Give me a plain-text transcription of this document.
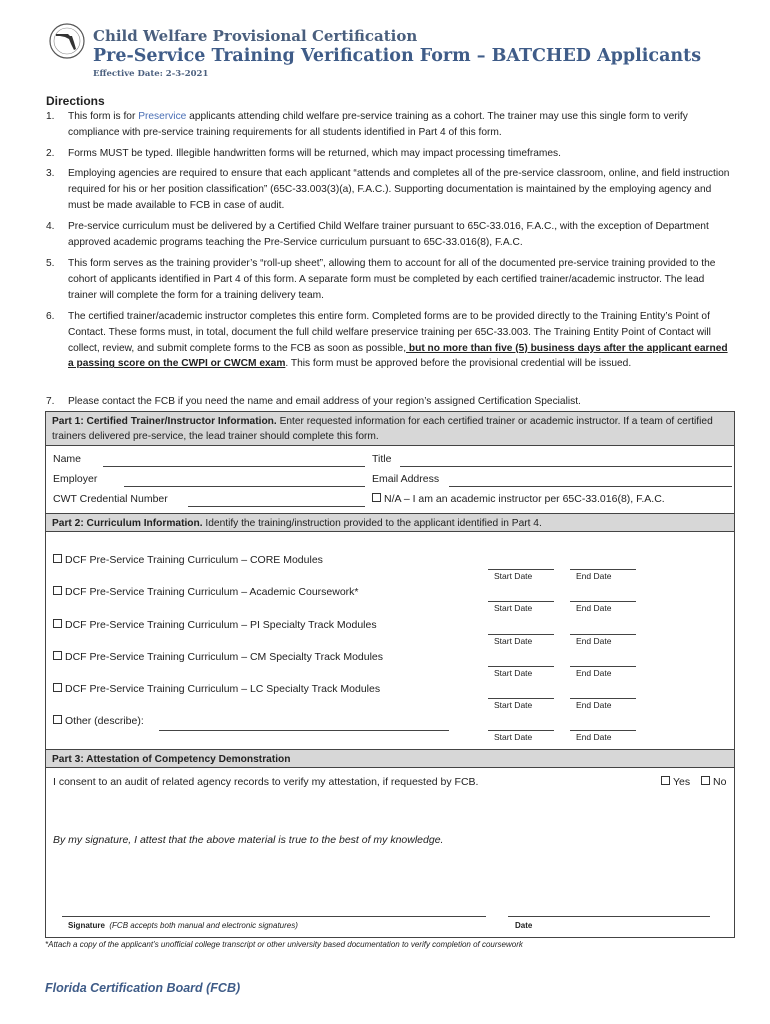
Child Welfare Provisional Certification
Pre-Service Training Verification Form – BATCHED Applicants
Effective Date: 2-3-2021
Directions
1. This form is for Preservice applicants attending child welfare pre-service training as a cohort. The trainer may use this single form to verify compliance with pre-service training requirements for all students identified in Part 4 of this form.
2. Forms MUST be typed. Illegible handwritten forms will be returned, which may impact processing timeframes.
3. Employing agencies are required to ensure that each applicant “attends and completes all of the pre-service classroom, online, and field instruction required for his or her position classification” (65C-33.003(3)(a), F.A.C.). Supporting documentation is maintained by the employing agency and must be made available to FCB in case of audit.
4. Pre-service curriculum must be delivered by a Certified Child Welfare trainer pursuant to 65C-33.016, F.A.C., with the exception of Department approved academic programs teaching the Pre-Service curriculum pursuant to 65C-33.016(8), F.A.C.
5. This form serves as the training provider’s “roll-up sheet”, allowing them to account for all of the documented pre-service training provided to the cohort of applicants identified in Part 4 of this form. A separate form must be completed by each certified trainer/academic instructor. The lead trainer will complete the form for a training delivery team.
6. The certified trainer/academic instructor completes this entire form. Completed forms are to be provided directly to the Training Entity’s Point of Contact. These forms must, in total, document the full child welfare preservice training per 65C-33.003. The Training Entity Point of Contact will collect, review, and submit complete forms to the FCB as soon as possible, but no more than five (5) business days after the applicant earned a passing score on the CWPI or CWCM exam. This form must be approved before the provisional credential will be issued.
7. Please contact the FCB if you need the name and email address of your region’s assigned Certification Specialist.
Part 1: Certified Trainer/Instructor Information. Enter requested information for each certified trainer or academic instructor. If a team of certified trainers delivered pre-service, the lead trainer should complete this form.
Name	Title
Employer	Email Address
CWT Credential Number	N/A – I am an academic instructor per 65C-33.016(8), F.A.C.
Part 2: Curriculum Information. Identify the training/instruction provided to the applicant identified in Part 4.
DCF Pre-Service Training Curriculum – CORE Modules
Start Date	End Date
DCF Pre-Service Training Curriculum – Academic Coursework*
Start Date	End Date
DCF Pre-Service Training Curriculum – PI Specialty Track Modules
Start Date	End Date
DCF Pre-Service Training Curriculum – CM Specialty Track Modules
Start Date	End Date
DCF Pre-Service Training Curriculum – LC Specialty Track Modules
Start Date	End Date
Other (describe):
Start Date	End Date
Part 3: Attestation of Competency Demonstration
I consent to an audit of related agency records to verify my attestation, if requested by FCB.	Yes	No
By my signature, I attest that the above material is true to the best of my knowledge.
Signature (FCB accepts both manual and electronic signatures)	Date
*Attach a copy of the applicant’s unofficial college transcript or other university based documentation to verify completion of coursework
Florida Certification Board (FCB)
